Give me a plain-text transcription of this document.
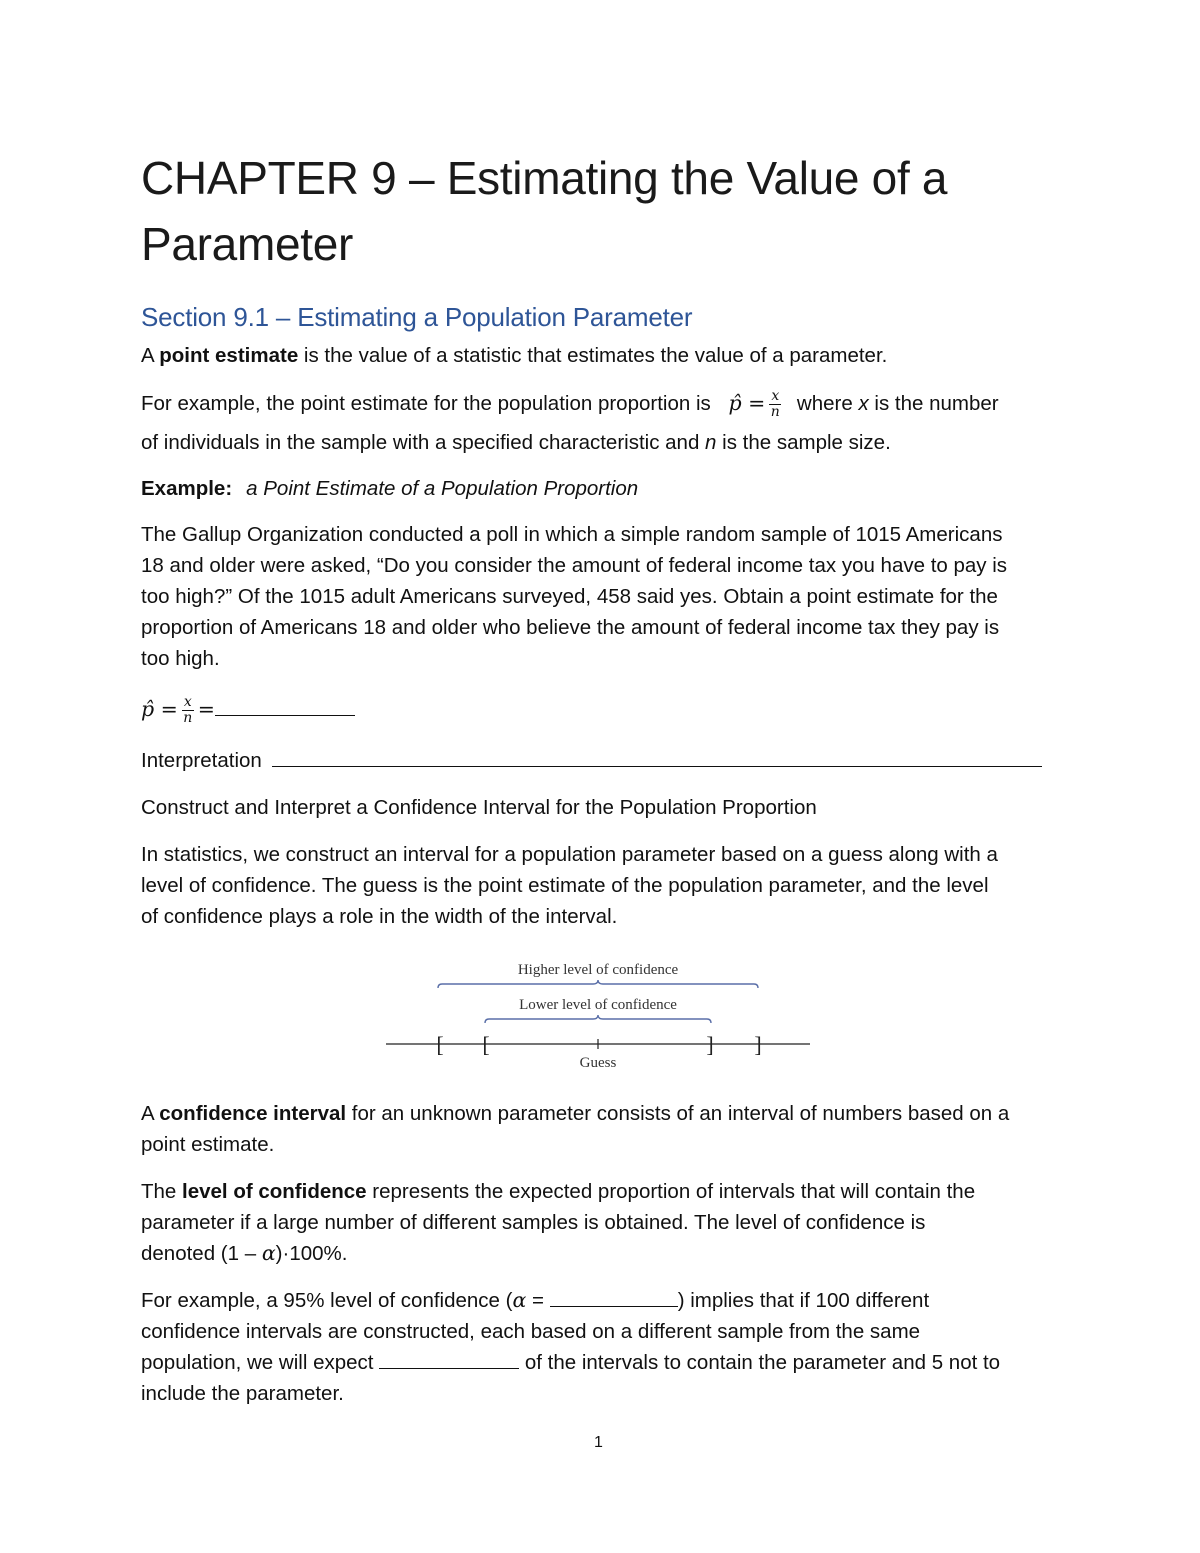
CHAPTER 9 – Estimating the Value of a
Parameter
Section 9.1 – Estimating a Population Parameter
A point estimate is the value of a statistic that estimates the value of a parameter.
For example, the point estimate for the population proportion is p̂ = $\frac{x}{n}$ where x is the number
of individuals in the sample with a specified characteristic and n is the sample size.
Example: a Point Estimate of a Population Proportion
The Gallup Organization conducted a poll in which a simple random sample of 1015 Americans
18 and older were asked, “Do you consider the amount of federal income tax you have to pay is
too high?” Of the 1015 adult Americans surveyed, 458 said yes. Obtain a point estimate for the
proportion of Americans 18 and older who believe the amount of federal income tax they pay is
too high.
p̂ = $\frac{x}{n}$ =
Interpretation
Construct and Interpret a Confidence Interval for the Population Proportion
In statistics, we construct an interval for a population parameter based on a guess along with a
level of confidence. The guess is the point estimate of the population parameter, and the level
of confidence plays a role in the width of the interval.
Higher level of confidence
Lower level of confidence
[ [	] ]
Guess
A confidence interval for an unknown parameter consists of an interval of numbers based on a
point estimate.
The level of confidence represents the expected proportion of intervals that will contain the
parameter if a large number of different samples is obtained. The level of confidence is
denoted (1 – α)·100%.
For example, a 95% level of confidence (α =	) implies that if 100 different
confidence intervals are constructed, each based on a different sample from the same
population, we will expect	of the intervals to contain the parameter and 5 not to
include the parameter.
1
